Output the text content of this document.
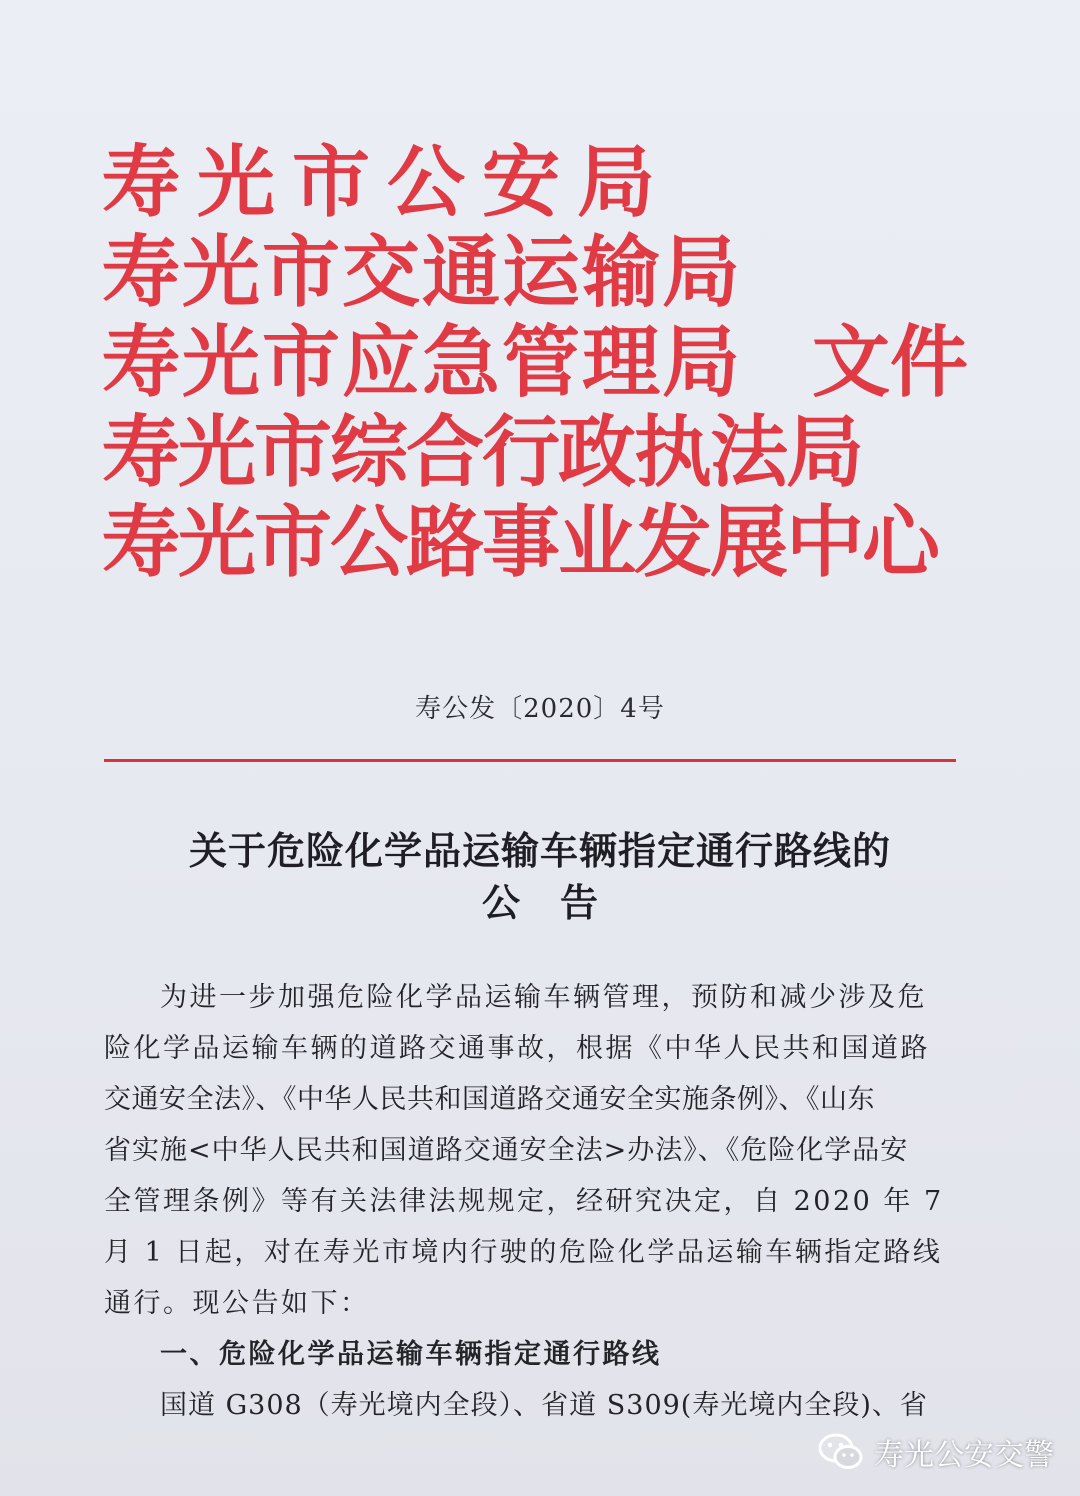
寿光市公安局
寿光市交通运输局
寿光市应急管理局
寿光市综合行政执法局
寿光市公路事业发展中心
文件
寿公发〔2020〕4号
关于危险化学品运输车辆指定通行路线的
公告
为进一步加强危险化学品运输车辆管理，预防和减少涉及危
险化学品运输车辆的道路交通事故，根据《中华人民共和国道路
交通安全法》、《中华人民共和国道路交通安全实施条例》、《山东
省实施<中华人民共和国道路交通安全法>办法》、《危险化学品安
全管理条例》等有关法律法规规定，经研究决定，自 2020 年 7
月 1 日起，对在寿光市境内行驶的危险化学品运输车辆指定路线
通行。现公告如下：
一、危险化学品运输车辆指定通行路线
国道 G308（寿光境内全段）、省道 S309(寿光境内全段)、省
寿光公安交警
